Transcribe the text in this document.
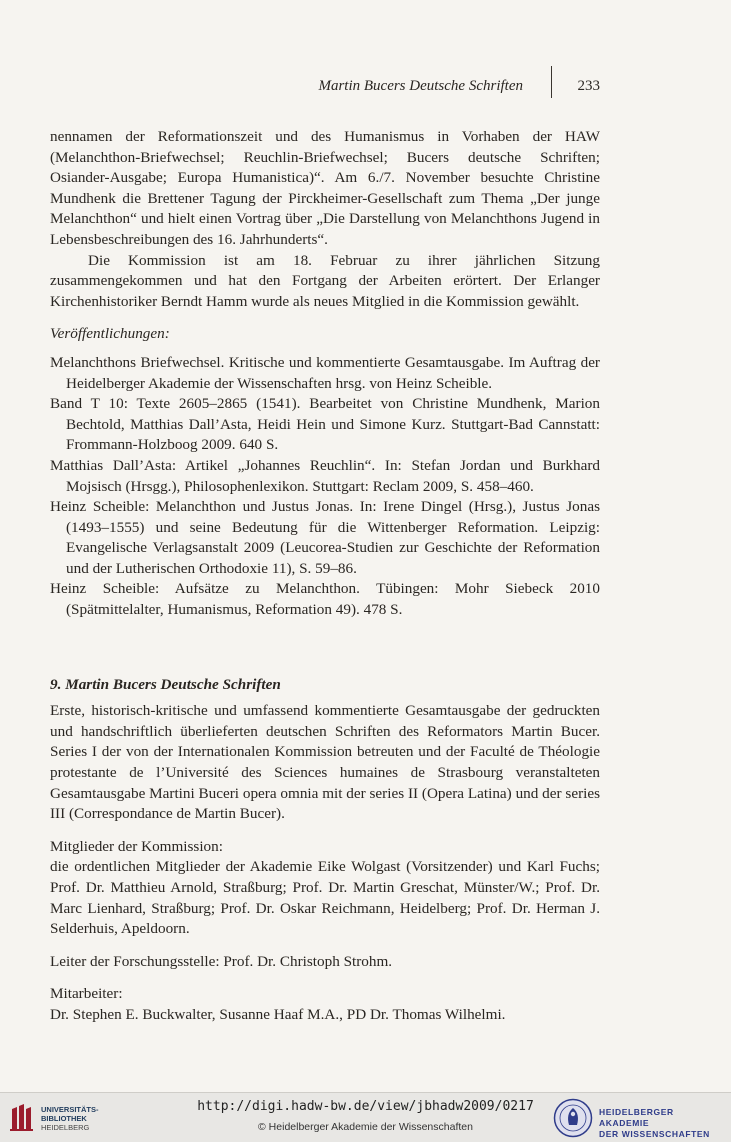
Martin Bucers Deutsche Schriften	233

nennamen der Reformationszeit und des Humanismus in Vorhaben der HAW (Melanchthon-Briefwechsel; Reuchlin-Briefwechsel; Bucers deutsche Schriften; Osiander-Ausgabe; Europa Humanistica)“. Am 6./7. November besuchte Christine Mundhenk die Brettener Tagung der Pirckheimer-Gesellschaft zum Thema „Der junge Melanchthon“ und hielt einen Vortrag über „Die Darstellung von Melanchthons Jugend in Lebensbeschreibungen des 16. Jahrhunderts“.

Die Kommission ist am 18. Februar zu ihrer jährlichen Sitzung zusammengekommen und hat den Fortgang der Arbeiten erörtert. Der Erlanger Kirchenhistoriker Berndt Hamm wurde als neues Mitglied in die Kommission gewählt.

Veröffentlichungen:

Melanchthons Briefwechsel. Kritische und kommentierte Gesamtausgabe. Im Auftrag der Heidelberger Akademie der Wissenschaften hrsg. von Heinz Scheible.

Band T 10: Texte 2605–2865 (1541). Bearbeitet von Christine Mundhenk, Marion Bechtold, Matthias Dall’Asta, Heidi Hein und Simone Kurz. Stuttgart-Bad Cannstatt: Frommann-Holzboog 2009. 640 S.

Matthias Dall’Asta: Artikel „Johannes Reuchlin“. In: Stefan Jordan und Burkhard Mojsisch (Hrsgg.), Philosophenlexikon. Stuttgart: Reclam 2009, S. 458–460.

Heinz Scheible: Melanchthon und Justus Jonas. In: Irene Dingel (Hrsg.), Justus Jonas (1493–1555) und seine Bedeutung für die Wittenberger Reformation. Leipzig: Evangelische Verlagsanstalt 2009 (Leucorea-Studien zur Geschichte der Reformation und der Lutherischen Orthodoxie 11), S. 59–86.

Heinz Scheible: Aufsätze zu Melanchthon. Tübingen: Mohr Siebeck 2010 (Spätmittelalter, Humanismus, Reformation 49). 478 S.

9. Martin Bucers Deutsche Schriften

Erste, historisch-kritische und umfassend kommentierte Gesamtausgabe der gedruckten und handschriftlich überlieferten deutschen Schriften des Reformators Martin Bucer. Series I der von der Internationalen Kommission betreuten und der Faculté de Théologie protestante de l’Université des Sciences humaines de Strasbourg veranstalteten Gesamtausgabe Martini Buceri opera omnia mit der series II (Opera Latina) und der series III (Correspondance de Martin Bucer).

Mitglieder der Kommission:

die ordentlichen Mitglieder der Akademie Eike Wolgast (Vorsitzender) und Karl Fuchs; Prof. Dr. Matthieu Arnold, Straßburg; Prof. Dr. Martin Greschat, Münster/W.; Prof. Dr. Marc Lienhard, Straßburg; Prof. Dr. Oskar Reichmann, Heidelberg; Prof. Dr. Herman J. Selderhuis, Apeldoorn.

Leiter der Forschungsstelle: Prof. Dr. Christoph Strohm.

Mitarbeiter:

Dr. Stephen E. Buckwalter, Susanne Haaf M.A., PD Dr. Thomas Wilhelmi.

UNIVERSITÄTS-
BIBLIOTHEK
HEIDELBERG
http://digi.hadw-bw.de/view/jbhadw2009/0217
© Heidelberger Akademie der Wissenschaften
HEIDELBERGER AKADEMIE
DER WISSENSCHAFTEN
